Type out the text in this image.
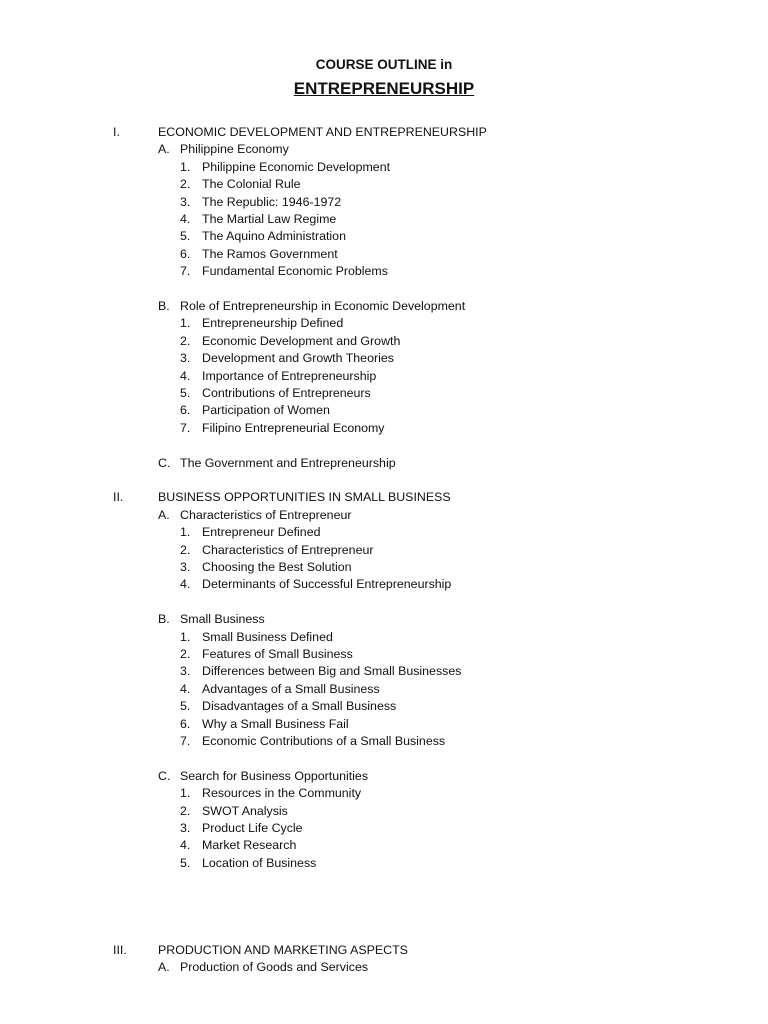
COURSE OUTLINE in
ENTREPRENEURSHIP
I.	ECONOMIC DEVELOPMENT AND ENTREPRENEURSHIP
A. Philippine Economy
1. Philippine Economic Development
2. The Colonial Rule
3. The Republic: 1946-1972
4. The Martial Law Regime
5. The Aquino Administration
6. The Ramos Government
7. Fundamental Economic Problems
B. Role of Entrepreneurship in Economic Development
1. Entrepreneurship Defined
2. Economic Development and Growth
3. Development and Growth Theories
4. Importance of Entrepreneurship
5. Contributions of Entrepreneurs
6. Participation of Women
7. Filipino Entrepreneurial Economy
C. The Government and Entrepreneurship
II.	BUSINESS OPPORTUNITIES IN SMALL BUSINESS
A. Characteristics of Entrepreneur
1. Entrepreneur Defined
2. Characteristics of Entrepreneur
3. Choosing the Best Solution
4. Determinants of Successful Entrepreneurship
B. Small Business
1. Small Business Defined
2. Features of Small Business
3. Differences between Big and Small Businesses
4. Advantages of a Small Business
5. Disadvantages of a Small Business
6. Why a Small Business Fail
7. Economic Contributions of a Small Business
C. Search for Business Opportunities
1. Resources in the Community
2. SWOT Analysis
3. Product Life Cycle
4. Market Research
5. Location of Business
III.	PRODUCTION AND MARKETING ASPECTS
A. Production of Goods and Services
